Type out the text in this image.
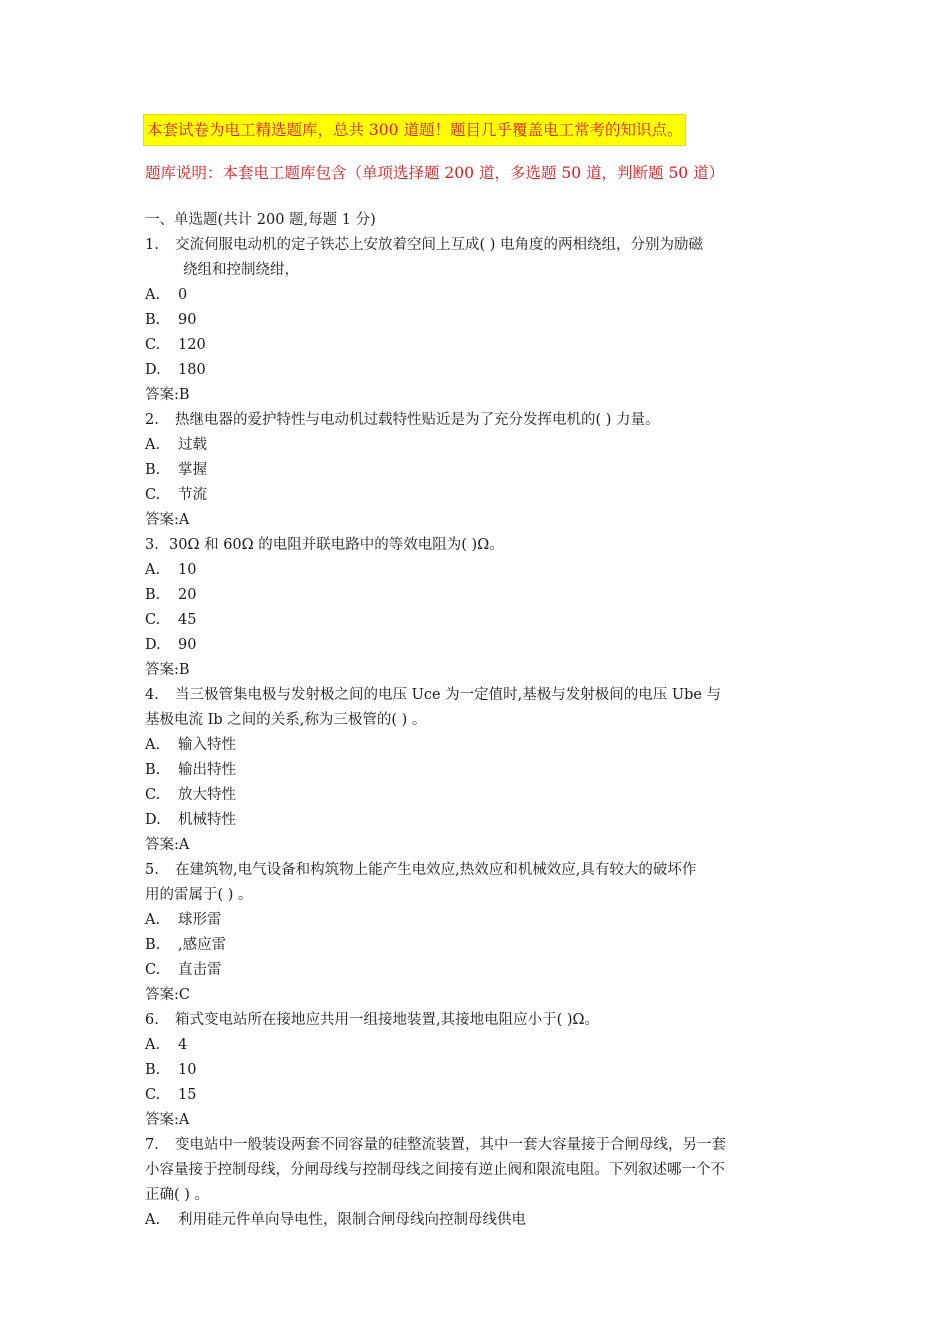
本套试卷为电工精选题库，总共 300 道题！题目几乎覆盖电工常考的知识点。
题库说明：本套电工题库包含（单项选择题 200 道，多选题 50 道，判断题 50 道）
一、单选题(共计 200 题,每题 1 分)
1.	交流伺服电动机的定子铁芯上安放着空间上互成( ) 电角度的两相绕组，分别为励磁
绕组和控制绕绀，
A.	0
B.	90
C.	120
D.	180
答案:B
2.	热继电器的爱护特性与电动机过载特性贴近是为了充分发挥电机的( ) 力量。
A.	过载
B.	掌握
C.	节流
答案:A
3. 30Ω 和 60Ω 的电阻并联电路中的等效电阻为( )Ω。
A.	10
B.	20
C.	45
D.	90
答案:B
4.	当三极管集电极与发射极之间的电压 Uce 为一定值时,基极与发射极间的电压 Ube 与
基极电流 Ib 之间的关系,称为三极管的( ) 。
A.	输入特性
B.	输出特性
C.	放大特性
D.	机械特性
答案:A
5.	在建筑物,电气设备和构筑物上能产生电效应,热效应和机械效应,具有较大的破坏作
用的雷属于( ) 。
A.	球形雷
B.	,感应雷
C.	直击雷
答案:C
6.	箱式变电站所在接地应共用一组接地装置,其接地电阻应小于( )Ω。
A.	4
B.	10
C.	15
答案:A
7.	变电站中一般装设两套不同容量的硅整流装置，其中一套大容量接于合闸母线，另一套
小容量接于控制母线，分闸母线与控制母线之间接有逆止阀和限流电阻。下列叙述哪一个不
正确( ) 。
A.	利用硅元件单向导电性，限制合闸母线向控制母线供电
